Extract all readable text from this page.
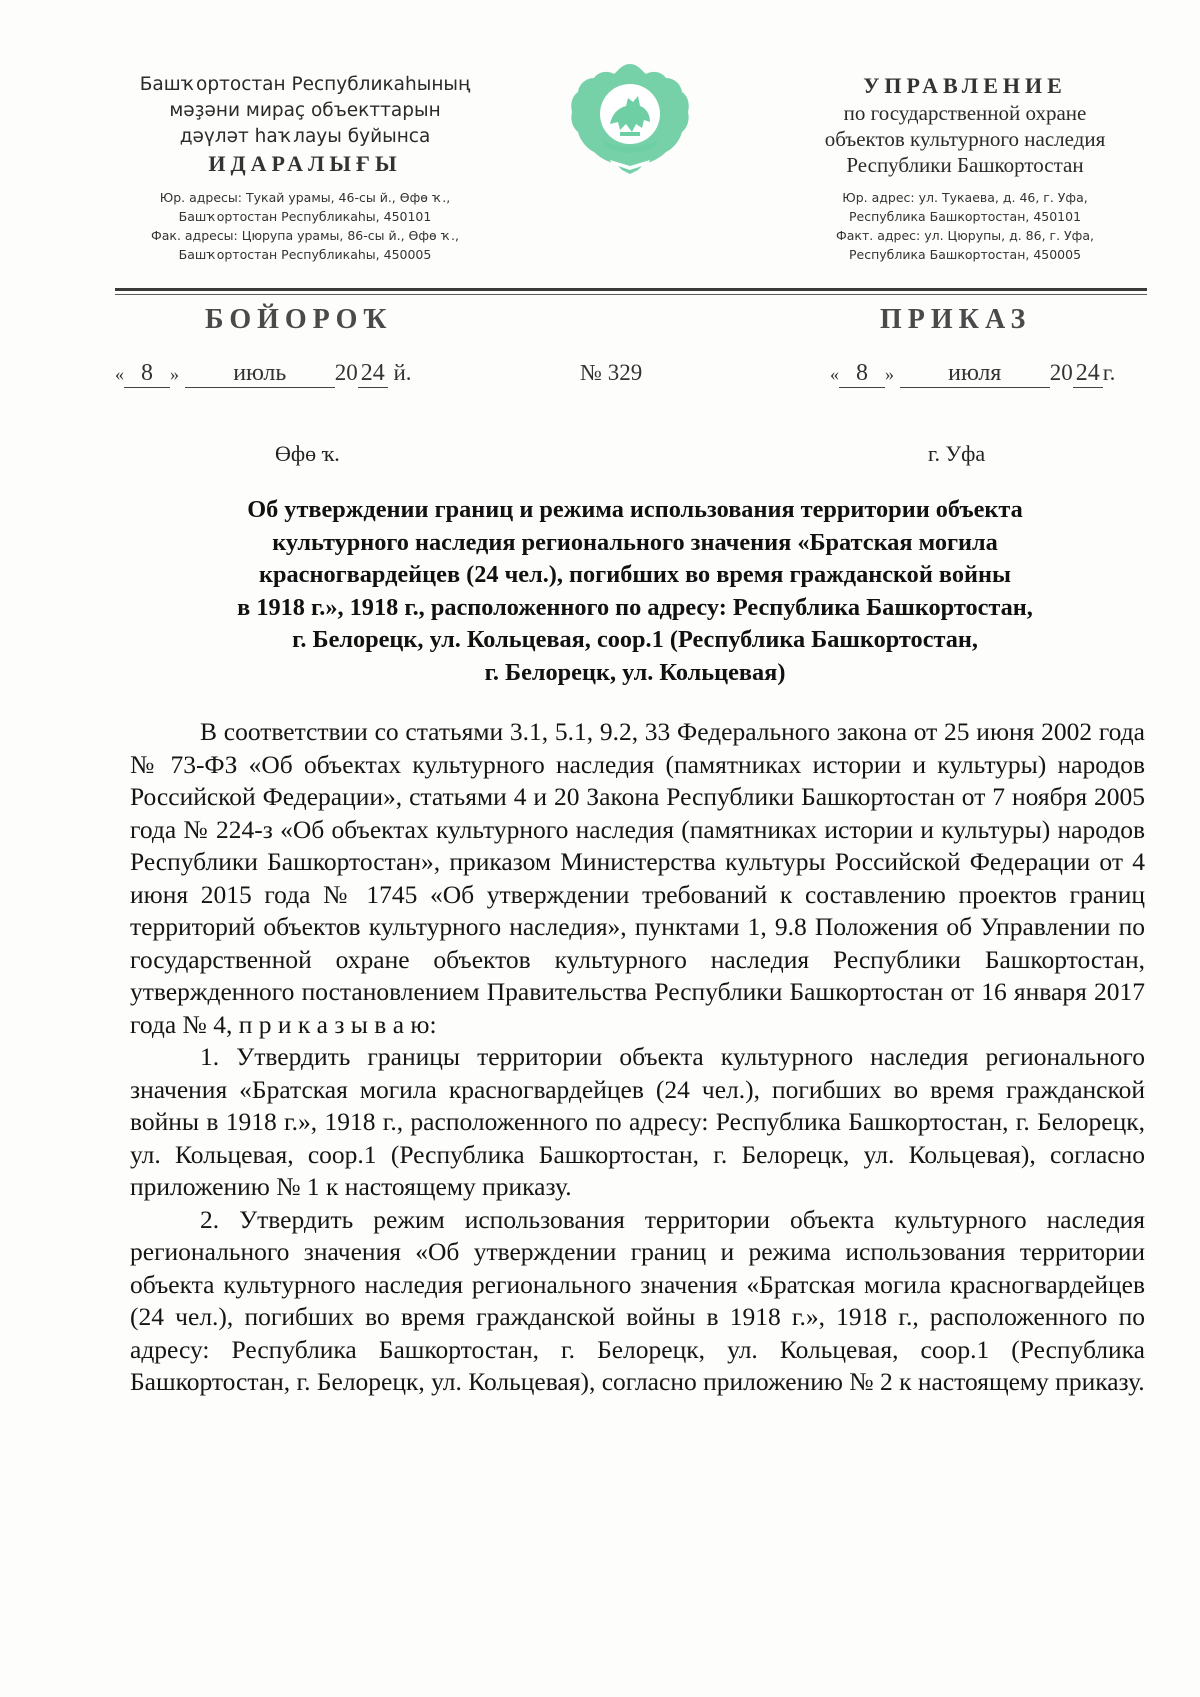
Башҡортостан Республикаһының
мәҙәни мираҫ объекттарын
дәүләт һаҡлауы буйынса
ИДАРАЛЫҒЫ
Юр. адресы: Тукай урамы, 46-сы й., Өфө ҡ.,
Башҡортостан Республикаһы, 450101
Фак. адресы: Цюрупа урамы, 86-сы й., Өфө ҡ.,
Башҡортостан Республикаһы, 450005
УПРАВЛЕНИЕ
по государственной охране
объектов культурного наследия
Республики Башкортостан
Юр. адрес: ул. Тукаева, д. 46, г. Уфа,
Республика Башкортостан, 450101
Факт. адрес: ул. Цюрупы, д. 86, г. Уфа,
Республика Башкортостан, 450005
БОЙОРОҠ	ПРИКАЗ
« 8 » июль 20 24 й.	№ 329	« 8 » июля 20 24 г.
Өфө ҡ.	г. Уфа
Об утверждении границ и режима использования территории объекта
культурного наследия регионального значения «Братская могила
красногвардейцев (24 чел.), погибших во время гражданской войны
в 1918 г.», 1918 г., расположенного по адресу: Республика Башкортостан,
г. Белорецк, ул. Кольцевая, соор.1 (Республика Башкортостан,
г. Белорецк, ул. Кольцевая)

В соответствии со статьями 3.1, 5.1, 9.2, 33 Федерального закона от 25 июня 2002 года № 73-ФЗ «Об объектах культурного наследия (памятниках истории и культуры) народов Российской Федерации», статьями 4 и 20 Закона Республики Башкортостан от 7 ноября 2005 года № 224-з «Об объектах культурного наследия (памятниках истории и культуры) народов Республики Башкортостан», приказом Министерства культуры Российской Федерации от 4 июня 2015 года № 1745 «Об утверждении требований к составлению проектов границ территорий объектов культурного наследия», пунктами 1, 9.8 Положения об Управлении по государственной охране объектов культурного наследия Республики Башкортостан, утвержденного постановлением Правительства Республики Башкортостан от 16 января 2017 года № 4, п р и к а з ы в а ю:

1. Утвердить границы территории объекта культурного наследия регионального значения «Братская могила красногвардейцев (24 чел.), погибших во время гражданской войны в 1918 г.», 1918 г., расположенного по адресу: Республика Башкортостан, г. Белорецк, ул. Кольцевая, соор.1 (Республика Башкортостан, г. Белорецк, ул. Кольцевая), согласно приложению № 1 к настоящему приказу.

2. Утвердить режим использования территории объекта культурного наследия регионального значения «Об утверждении границ и режима использования территории объекта культурного наследия регионального значения «Братская могила красногвардейцев (24 чел.), погибших во время гражданской войны в 1918 г.», 1918 г., расположенного по адресу: Республика Башкортостан, г. Белорецк, ул. Кольцевая, соор.1 (Республика Башкортостан, г. Белорецк, ул. Кольцевая), согласно приложению № 2 к настоящему приказу.
